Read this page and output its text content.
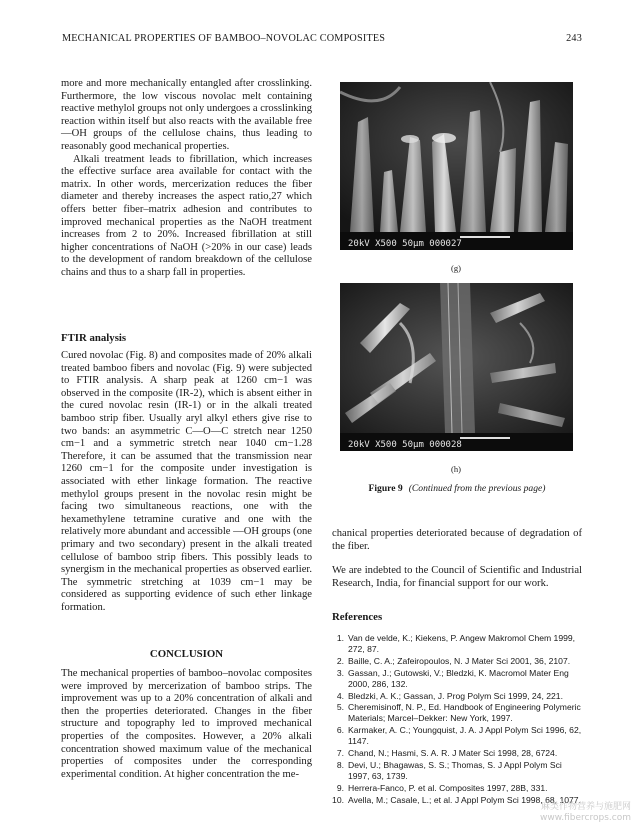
MECHANICAL PROPERTIES OF BAMBOO–NOVOLAC COMPOSITES	243

more and more mechanically entangled after crosslinking. Furthermore, the low viscous novolac melt containing reactive methylol groups not only undergoes a crosslinking reaction within itself but also reacts with the available free —OH groups of the cellulose chains, thus leading to reasonably good mechanical properties.

Alkali treatment leads to fibrillation, which increases the effective surface area available for contact with the matrix. In other words, mercerization reduces the fiber diameter and thereby increases the aspect ratio,27 which offers better fiber–matrix adhesion and contributes to improved mechanical properties as the NaOH treatment increases from 2 to 20%. Increased fibrillation at still higher concentrations of NaOH (>20% in our case) leads to the development of random breakdown of the cellulose chains and thus to a sharp fall in properties.

FTIR analysis

Cured novolac (Fig. 8) and composites made of 20% alkali treated bamboo fibers and novolac (Fig. 9) were subjected to FTIR analysis. A sharp peak at 1260 cm−1 was observed in the composite (IR-2), which is absent either in the cured novolac resin (IR-1) or in the alkali treated bamboo strip fiber. Usually aryl alkyl ethers give rise to two bands: an asymmetric C—O—C stretch near 1250 cm−1 and a symmetric stretch near 1040 cm−1.28 Therefore, it can be assumed that the transmission near 1260 cm−1 for the composite under investigation is associated with ether linkage formation. The reactive methylol groups present in the novolac resin might be facing two simultaneous reactions, one with the hexamethylene tetramine curative and one with the relatively more abundant and accessible —OH groups (one primary and two secondary) present in the alkali treated cellulose of bamboo strip fibers. This possibly leads to synergism in the mechanical properties as observed earlier. The symmetric stretching at 1039 cm−1 may be considered as supporting evidence of such ether linkage formation.

CONCLUSION

The mechanical properties of bamboo–novolac composites were improved by mercerization of bamboo strips. The improvement was up to a 20% concentration of alkali and then the properties deteriorated. Changes in the fiber structure and topography led to improved mechanical properties of the composites. However, a 20% alkali concentration showed maximum value of the mechanical properties of composites under the corresponding experimental condition. At higher concentration the me-

20kV X500 50μm 000027
(g)
20kV X500 50μm 000028
(h)
Figure 9 (Continued from the previous page)

chanical properties deteriorated because of degradation of the fiber.

We are indebted to the Council of Scientific and Industrial Research, India, for financial support for our work.

References
1. Van de velde, K.; Kiekens, P. Angew Makromol Chem 1999, 272, 87.
2. Baille, C. A.; Zafeiropoulos, N. J Mater Sci 2001, 36, 2107.
3. Gassan, J.; Gutowski, V.; Bledzki, K. Macromol Mater Eng 2000, 286, 132.
4. Bledzki, A. K.; Gassan, J. Prog Polym Sci 1999, 24, 221.
5. Cheremisinoff, N. P., Ed. Handbook of Engineering Polymeric Materials; Marcel–Dekker: New York, 1997.
6. Karmaker, A. C.; Youngquist, J. A. J Appl Polym Sci 1996, 62, 1147.
7. Chand, N.; Hasmi, S. A. R. J Mater Sci 1998, 28, 6724.
8. Devi, U.; Bhagawas, S. S.; Thomas, S. J Appl Polym Sci 1997, 63, 1739.
9. Herrera-Fanco, P. et al. Composites 1997, 28B, 331.
10. Avella, M.; Casale, L.; et al. J Appl Polym Sci 1998, 68, 1077.
麻类作物营养与施肥网
www.fibercrops.com
